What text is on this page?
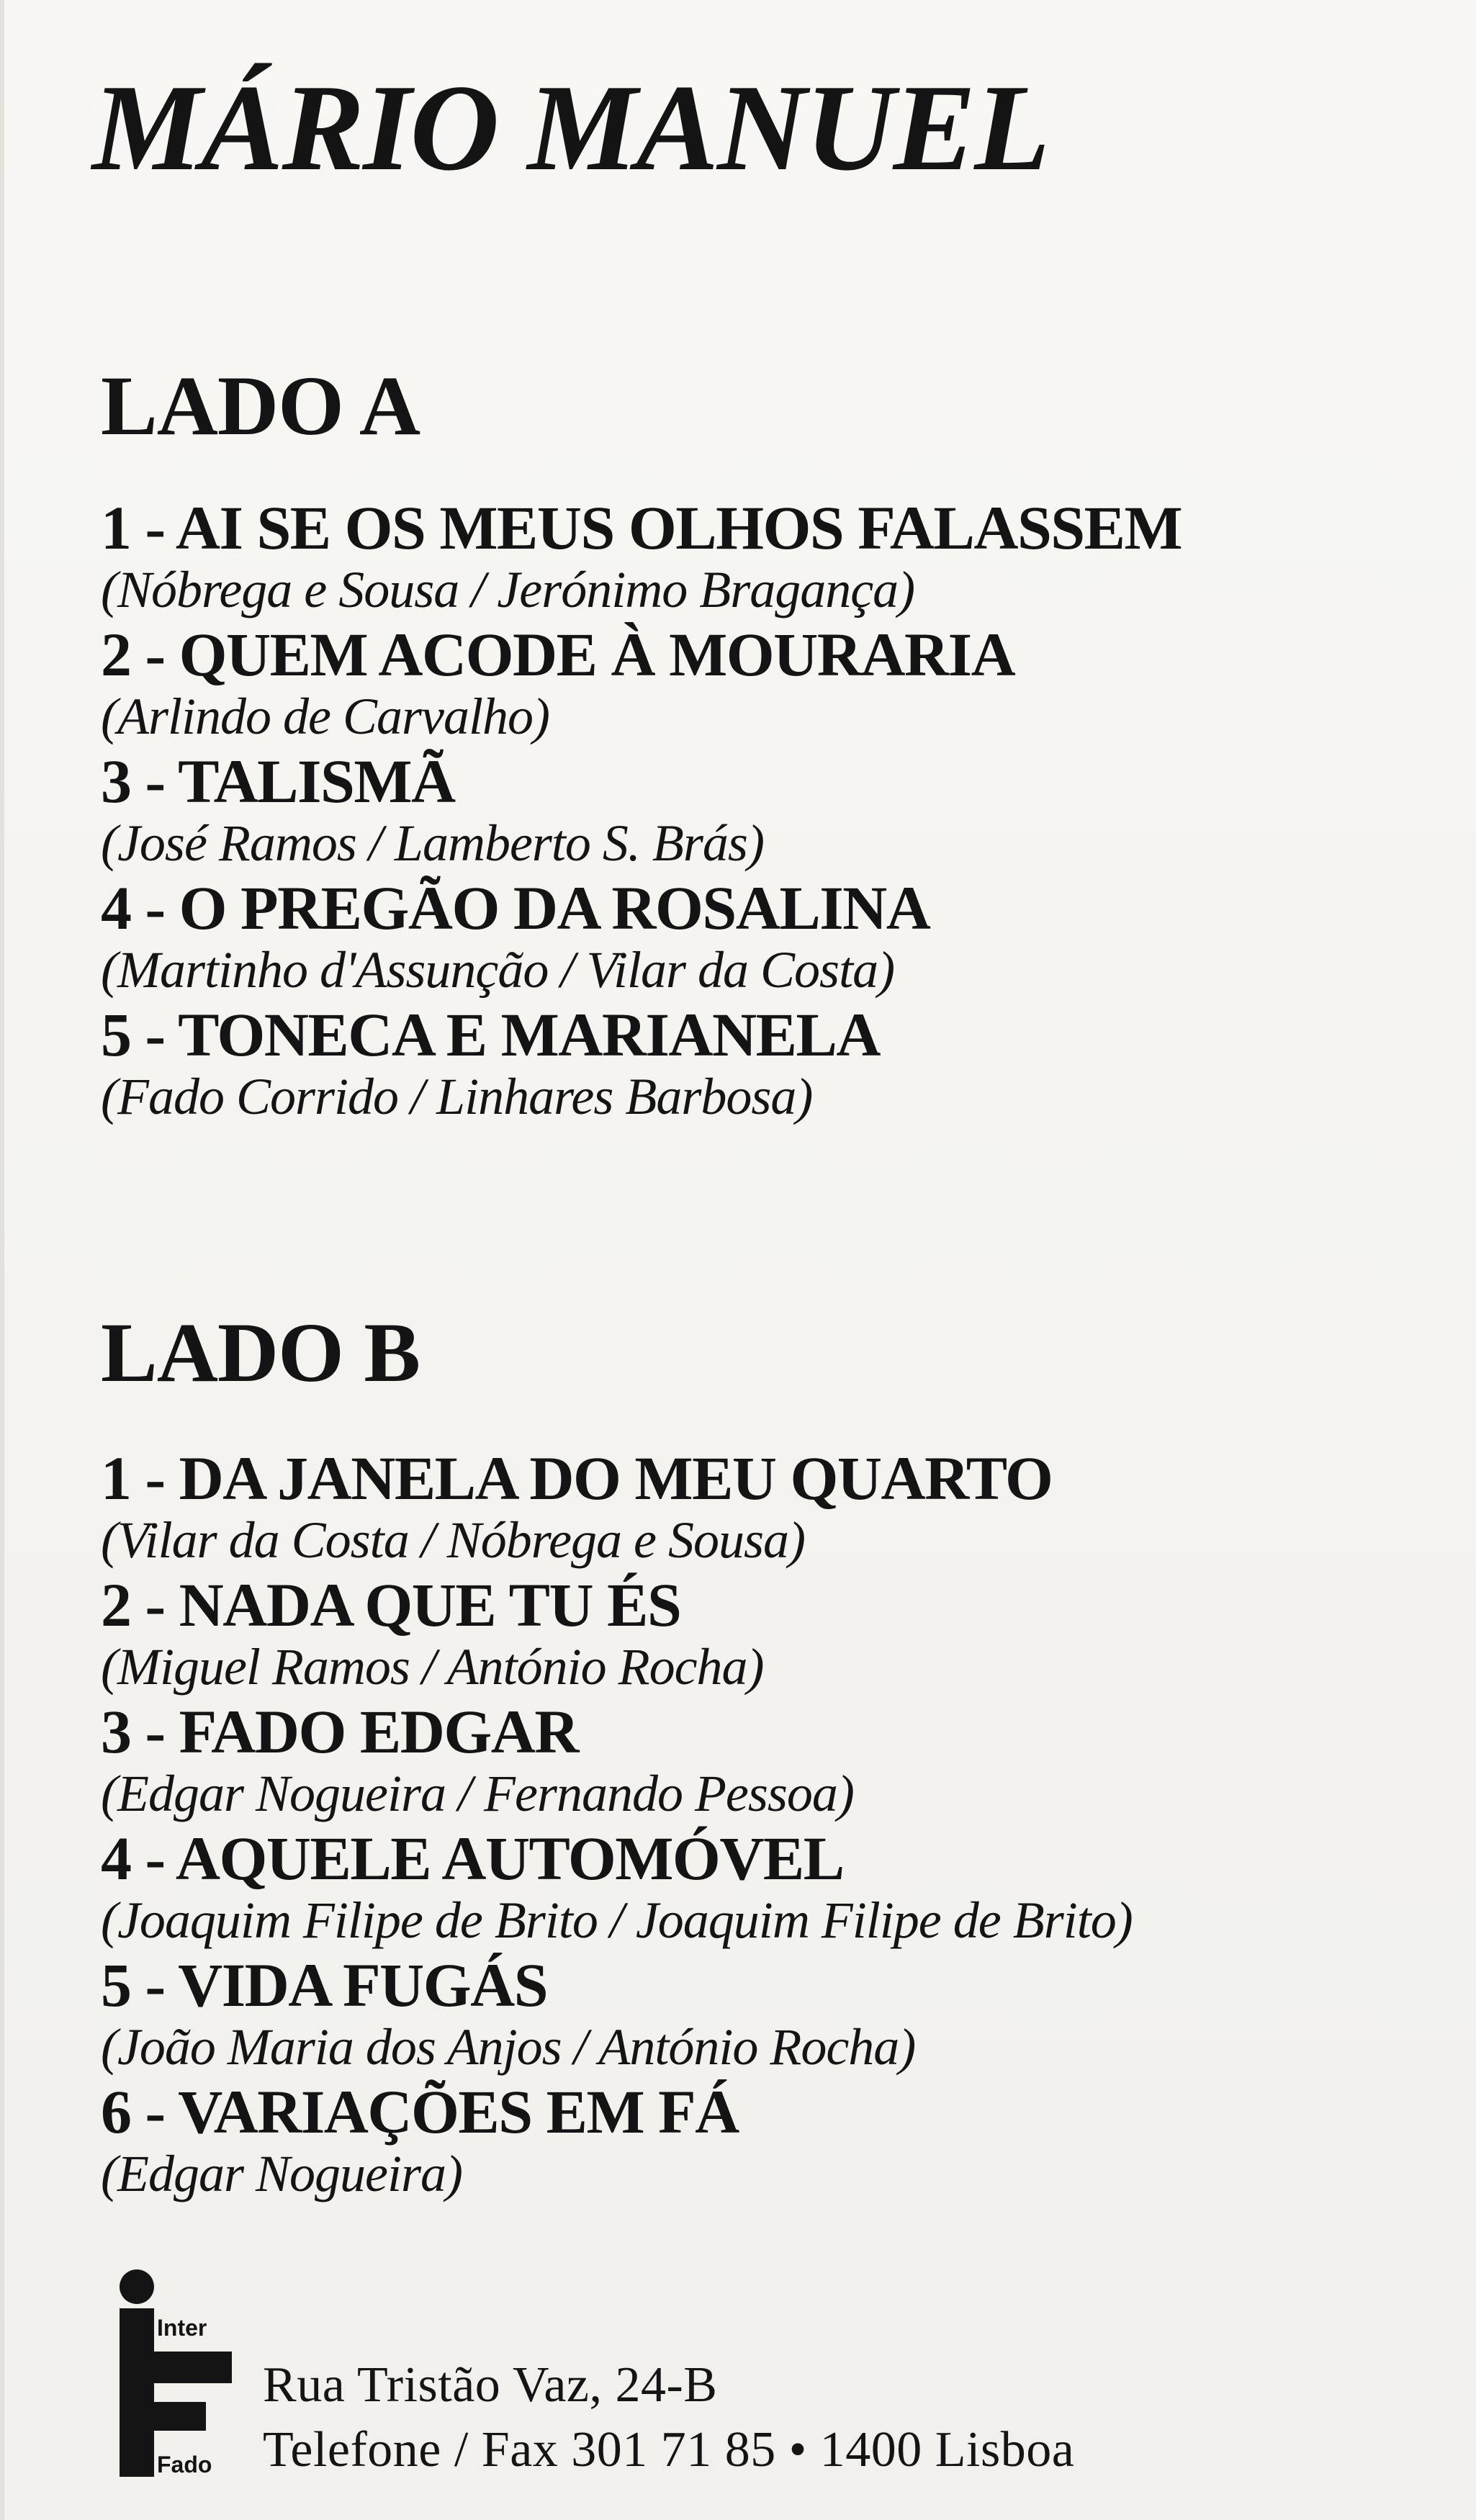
MÁRIO MANUEL
LADO A
1 - AI SE OS MEUS OLHOS FALASSEM
(Nóbrega e Sousa / Jerónimo Bragança)
2 - QUEM ACODE À MOURARIA
(Arlindo de Carvalho)
3 - TALISMÃ
(José Ramos / Lamberto S. Brás)
4 - O PREGÃO DA ROSALINA
(Martinho d'Assunção / Vilar da Costa)
5 - TONECA E MARIANELA
(Fado Corrido / Linhares Barbosa)
LADO B
1 - DA JANELA DO MEU QUARTO
(Vilar da Costa / Nóbrega e Sousa)
2 - NADA QUE TU ÉS
(Miguel Ramos / António Rocha)
3 - FADO EDGAR
(Edgar Nogueira / Fernando Pessoa)
4 - AQUELE AUTOMÓVEL
(Joaquim Filipe de Brito / Joaquim Filipe de Brito)
5 - VIDA FUGÁS
(João Maria dos Anjos / António Rocha)
6 - VARIAÇÕES EM FÁ
(Edgar Nogueira)
Inter
Fado
Rua Tristão Vaz, 24-B
Telefone / Fax 301 71 85 • 1400 Lisboa
